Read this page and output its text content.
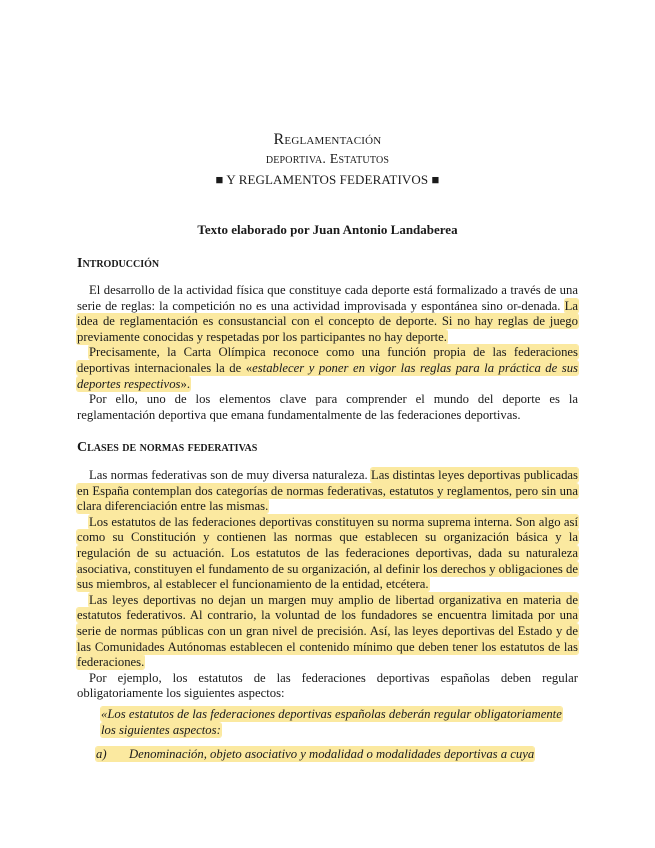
Reglamentación
deportiva. Estatutos
■ Y REGLAMENTOS FEDERATIVOS ■
Texto elaborado por Juan Antonio Landaberea
Introducción

El desarrollo de la actividad física que constituye cada deporte está formalizado a través de una serie de reglas: la competición no es una actividad improvisada y espontánea sino or-denada. La idea de reglamentación es consustancial con el concepto de deporte. Si no hay reglas de juego previamente conocidas y respetadas por los participantes no hay deporte.

Precisamente, la Carta Olímpica reconoce como una función propia de las federaciones deportivas internacionales la de «establecer y poner en vigor las reglas para la práctica de sus deportes respectivos».

Por ello, uno de los elementos clave para comprender el mundo del deporte es la reglamentación deportiva que emana fundamentalmente de las federaciones deportivas.

Clases de normas federativas

Las normas federativas son de muy diversa naturaleza. Las distintas leyes deportivas publicadas en España contemplan dos categorías de normas federativas, estatutos y reglamentos, pero sin una clara diferenciación entre las mismas.

Los estatutos de las federaciones deportivas constituyen su norma suprema interna. Son algo así como su Constitución y contienen las normas que establecen su organización básica y la regulación de su actuación. Los estatutos de las federaciones deportivas, dada su naturaleza asociativa, constituyen el fundamento de su organización, al definir los derechos y obligaciones de sus miembros, al establecer el funcionamiento de la entidad, etcétera.

Las leyes deportivas no dejan un margen muy amplio de libertad organizativa en materia de estatutos federativos. Al contrario, la voluntad de los fundadores se encuentra limitada por una serie de normas públicas con un gran nivel de precisión. Así, las leyes deportivas del Estado y de las Comunidades Autónomas establecen el contenido mínimo que deben tener los estatutos de las federaciones.

Por ejemplo, los estatutos de las federaciones deportivas españolas deben regular obligatoriamente los siguientes aspectos:

«Los estatutos de las federaciones deportivas españolas deberán regular obligatoriamente los siguientes aspectos:
a) Denominación, objeto asociativo y modalidad o modalidades deportivas a cuya
